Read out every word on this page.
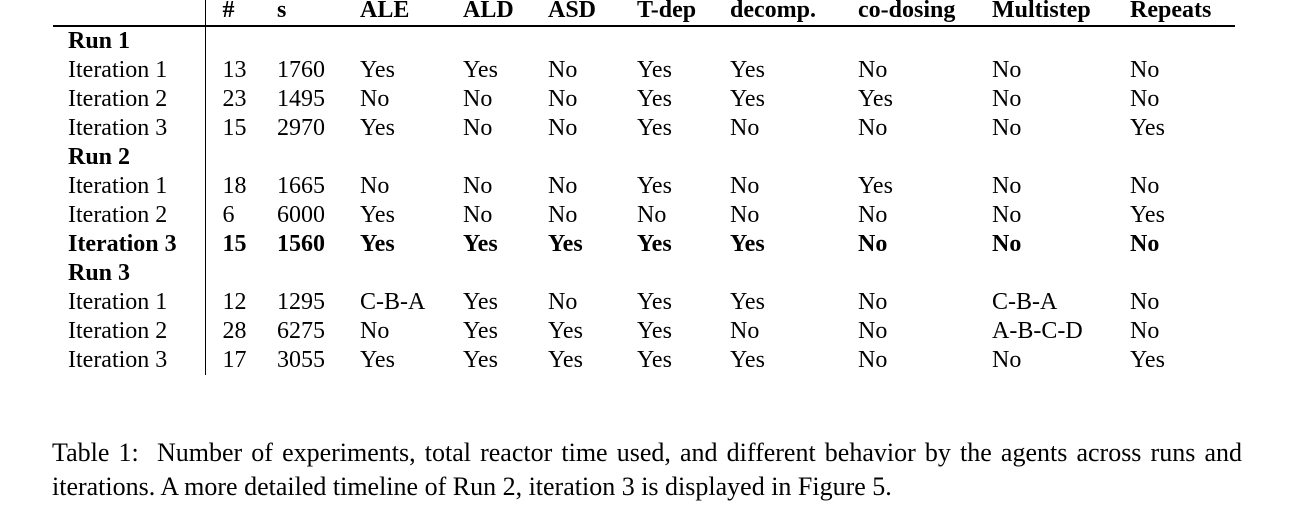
	#	s	ALE	ALD	ASD	T-dep	decomp.	co-dosing	Multistep	Repeats
Run 1										
Iteration 1	13	1760	Yes	Yes	No	Yes	Yes	No	No	No
Iteration 2	23	1495	No	No	No	Yes	Yes	Yes	No	No
Iteration 3	15	2970	Yes	No	No	Yes	No	No	No	Yes
Run 2										
Iteration 1	18	1665	No	No	No	Yes	No	Yes	No	No
Iteration 2	6	6000	Yes	No	No	No	No	No	No	Yes
Iteration 3	15	1560	Yes	Yes	Yes	Yes	Yes	No	No	No
Run 3										
Iteration 1	12	1295	C-B-A	Yes	No	Yes	Yes	No	C-B-A	No
Iteration 2	28	6275	No	Yes	Yes	Yes	No	No	A-B-C-D	No
Iteration 3	17	3055	Yes	Yes	Yes	Yes	Yes	No	No	Yes

Table 1:  Number of experiments, total reactor time used, and different behavior by the agents across runs and iterations. A more detailed timeline of Run 2, iteration 3 is displayed in Figure 5.
